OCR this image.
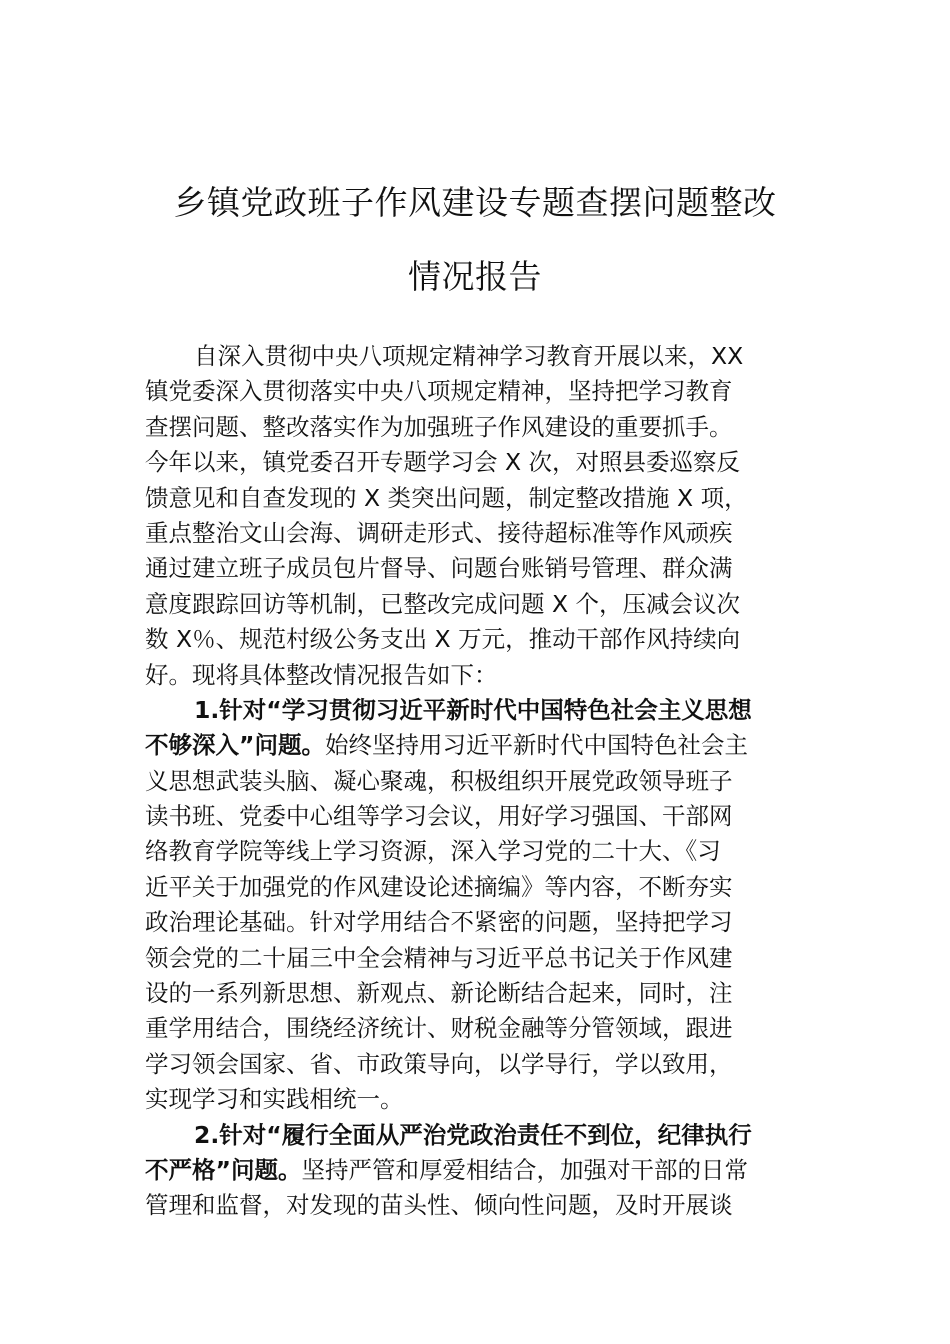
乡镇党政班子作风建设专题查摆问题整改
情况报告
自深入贯彻中央八项规定精神学习教育开展以来，XX
镇党委深入贯彻落实中央八项规定精神，坚持把学习教育
查摆问题、整改落实作为加强班子作风建设的重要抓手。
今年以来，镇党委召开专题学习会 X 次，对照县委巡察反
馈意见和自查发现的 X 类突出问题，制定整改措施 X 项，
重点整治文山会海、调研走形式、接待超标准等作风顽疾
通过建立班子成员包片督导、问题台账销号管理、群众满
意度跟踪回访等机制，已整改完成问题 X 个，压减会议次
数 X％、规范村级公务支出 X 万元，推动干部作风持续向
好。现将具体整改情况报告如下：
1.针对“学习贯彻习近平新时代中国特色社会主义思想
不够深入”问题。始终坚持用习近平新时代中国特色社会主
义思想武装头脑、凝心聚魂，积极组织开展党政领导班子
读书班、党委中心组等学习会议，用好学习强国、干部网
络教育学院等线上学习资源，深入学习党的二十大、《习
近平关于加强党的作风建设论述摘编》等内容，不断夯实
政治理论基础。针对学用结合不紧密的问题，坚持把学习
领会党的二十届三中全会精神与习近平总书记关于作风建
设的一系列新思想、新观点、新论断结合起来，同时，注
重学用结合，围绕经济统计、财税金融等分管领域，跟进
学习领会国家、省、市政策导向，以学导行，学以致用，
实现学习和实践相统一。
2.针对“履行全面从严治党政治责任不到位，纪律执行
不严格”问题。坚持严管和厚爱相结合，加强对干部的日常
管理和监督，对发现的苗头性、倾向性问题，及时开展谈
